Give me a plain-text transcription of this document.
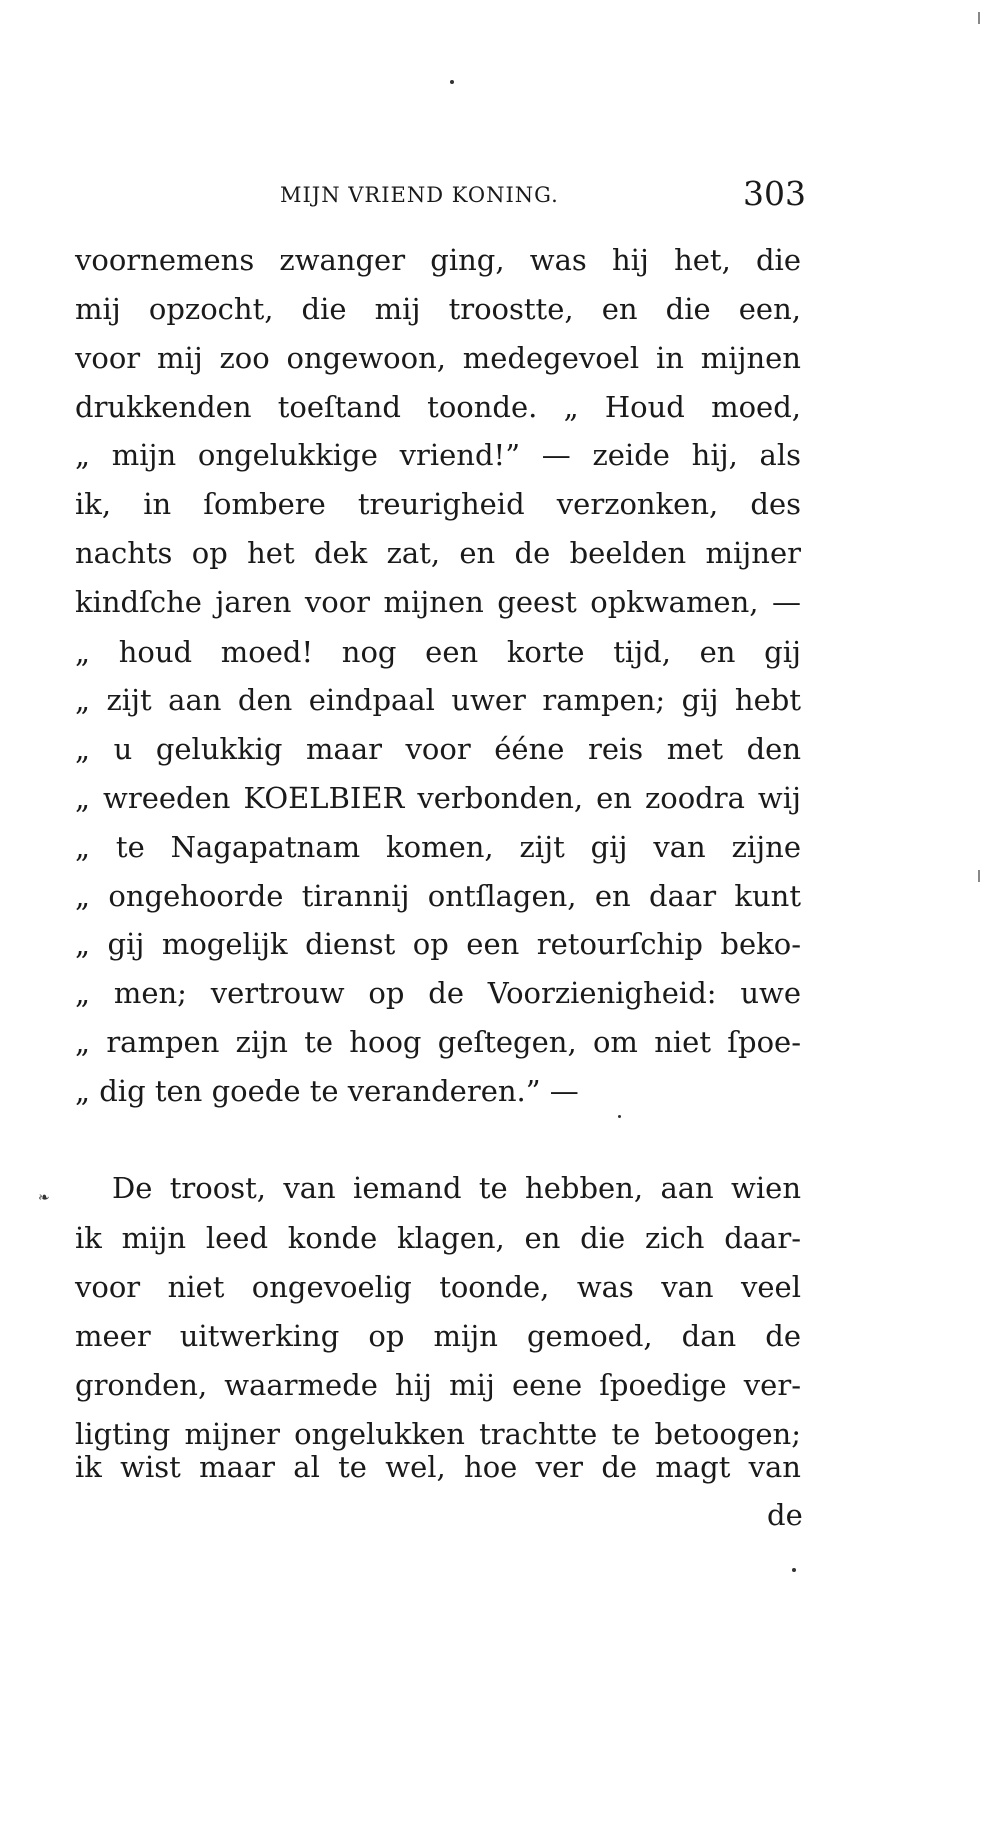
MIJN VRIEND KONING.	303
voornemens zwanger ging, was hij het, die
mij opzocht, die mij troostte, en die een,
voor mij zoo ongewoon, medegevoel in mijnen
drukkenden toeſtand toonde. „ Houd moed,
„ mijn ongelukkige vriend!” — zeide hij, als
ik, in ſombere treurigheid verzonken, des
nachts op het dek zat, en de beelden mijner
kindſche jaren voor mijnen geest opkwamen, —
„ houd moed! nog een korte tijd, en gij
„ zijt aan den eindpaal uwer rampen; gij hebt
„ u gelukkig maar voor ééne reis met den
„ wreeden KOELBIER verbonden, en zoodra wij
„ te Nagapatnam komen, zijt gij van zijne
„ ongehoorde tirannij ontſlagen, en daar kunt
„ gij mogelijk dienst op een retourſchip beko-
„ men; vertrouw op de Voorzienigheid: uwe
„ rampen zijn te hoog geſtegen, om niet ſpoe-
„ dig ten goede te veranderen.” —
De troost, van iemand te hebben, aan wien
ik mijn leed konde klagen, en die zich daar-
voor niet ongevoelig toonde, was van veel
meer uitwerking op mijn gemoed, dan de
gronden, waarmede hij mij eene ſpoedige ver-
ligting mijner ongelukken trachtte te betoogen;
ik wist maar al te wel, hoe ver de magt van
de
❧
